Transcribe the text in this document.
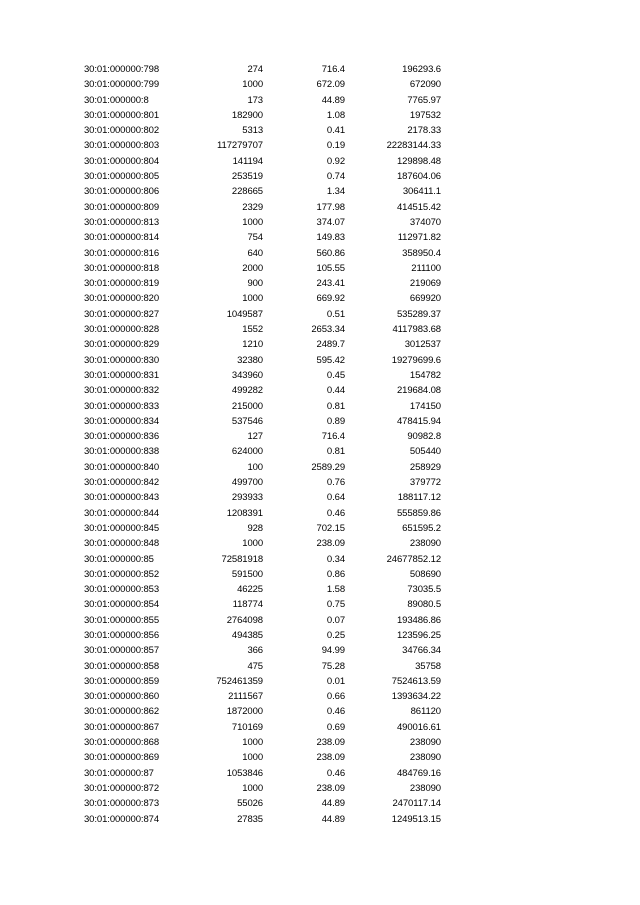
30:01:000000:798	274	716.4	196293.6
30:01:000000:799	1000	672.09	672090
30:01:000000:8	173	44.89	7765.97
30:01:000000:801	182900	1.08	197532
30:01:000000:802	5313	0.41	2178.33
30:01:000000:803	117279707	0.19	22283144.33
30:01:000000:804	141194	0.92	129898.48
30:01:000000:805	253519	0.74	187604.06
30:01:000000:806	228665	1.34	306411.1
30:01:000000:809	2329	177.98	414515.42
30:01:000000:813	1000	374.07	374070
30:01:000000:814	754	149.83	112971.82
30:01:000000:816	640	560.86	358950.4
30:01:000000:818	2000	105.55	211100
30:01:000000:819	900	243.41	219069
30:01:000000:820	1000	669.92	669920
30:01:000000:827	1049587	0.51	535289.37
30:01:000000:828	1552	2653.34	4117983.68
30:01:000000:829	1210	2489.7	3012537
30:01:000000:830	32380	595.42	19279699.6
30:01:000000:831	343960	0.45	154782
30:01:000000:832	499282	0.44	219684.08
30:01:000000:833	215000	0.81	174150
30:01:000000:834	537546	0.89	478415.94
30:01:000000:836	127	716.4	90982.8
30:01:000000:838	624000	0.81	505440
30:01:000000:840	100	2589.29	258929
30:01:000000:842	499700	0.76	379772
30:01:000000:843	293933	0.64	188117.12
30:01:000000:844	1208391	0.46	555859.86
30:01:000000:845	928	702.15	651595.2
30:01:000000:848	1000	238.09	238090
30:01:000000:85	72581918	0.34	24677852.12
30:01:000000:852	591500	0.86	508690
30:01:000000:853	46225	1.58	73035.5
30:01:000000:854	118774	0.75	89080.5
30:01:000000:855	2764098	0.07	193486.86
30:01:000000:856	494385	0.25	123596.25
30:01:000000:857	366	94.99	34766.34
30:01:000000:858	475	75.28	35758
30:01:000000:859	752461359	0.01	7524613.59
30:01:000000:860	2111567	0.66	1393634.22
30:01:000000:862	1872000	0.46	861120
30:01:000000:867	710169	0.69	490016.61
30:01:000000:868	1000	238.09	238090
30:01:000000:869	1000	238.09	238090
30:01:000000:87	1053846	0.46	484769.16
30:01:000000:872	1000	238.09	238090
30:01:000000:873	55026	44.89	2470117.14
30:01:000000:874	27835	44.89	1249513.15
